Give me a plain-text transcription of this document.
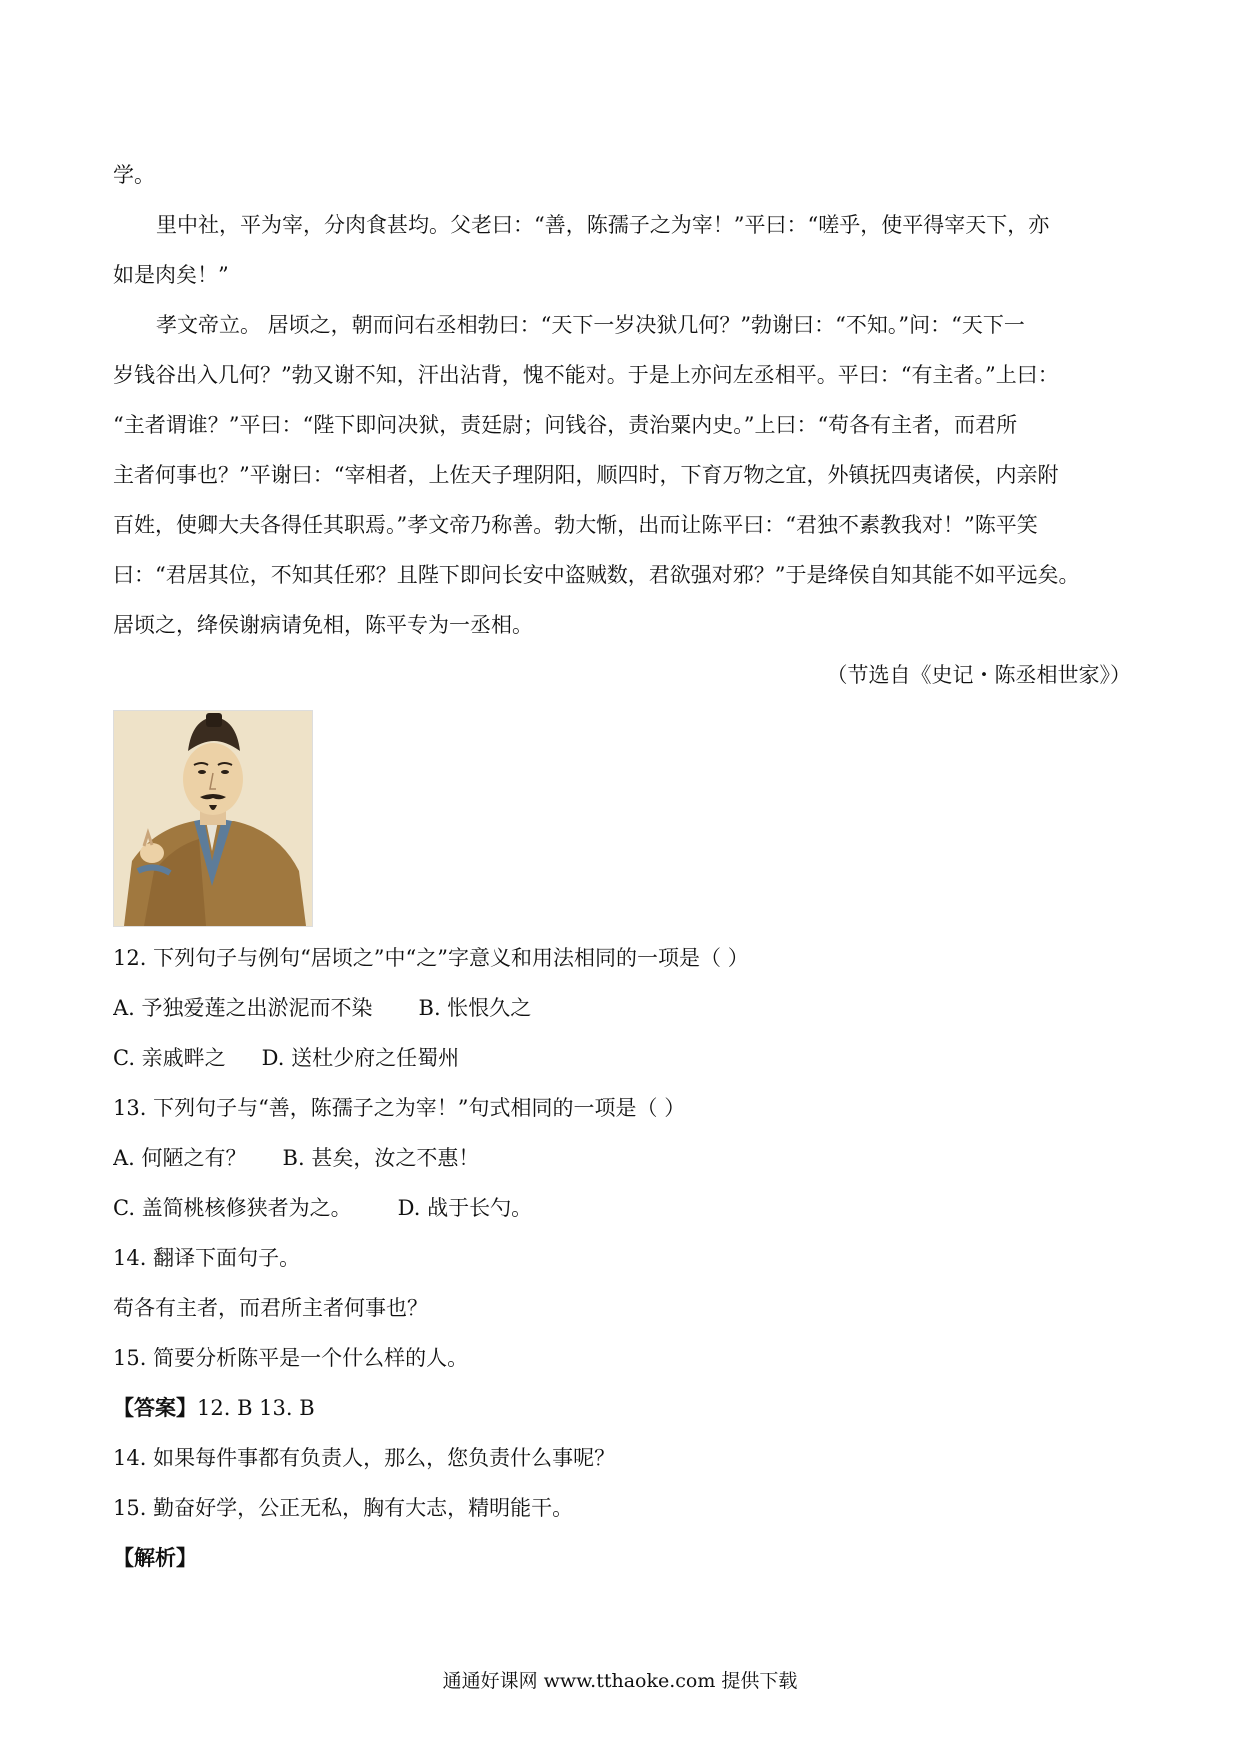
学。
里中社，平为宰，分肉食甚均。父老曰：“善，陈孺子之为宰！”平曰：“嗟乎，使平得宰天下，亦
如是肉矣！”
孝文帝立。 居顷之，朝而问右丞相勃曰：“天下一岁决狱几何？”勃谢曰：“不知。”问：“天下一
岁钱谷出入几何？”勃又谢不知，汗出沾背，愧不能对。于是上亦问左丞相平。平曰：“有主者。”上曰：
“主者谓谁？”平曰：“陛下即问决狱，责廷尉；问钱谷，责治粟内史。”上曰：“苟各有主者，而君所
主者何事也？”平谢曰：“宰相者，上佐天子理阴阳，顺四时，下育万物之宜，外镇抚四夷诸侯，内亲附
百姓，使卿大夫各得任其职焉。”孝文帝乃称善。勃大惭，出而让陈平曰：“君独不素教我对！”陈平笑
曰：“君居其位，不知其任邪？且陛下即问长安中盗贼数，君欲强对邪？”于是绛侯自知其能不如平远矣。
居顷之，绛侯谢病请免相，陈平专为一丞相。
（节选自《史记・陈丞相世家》）
12. 下列句子与例句“居顷之”中“之”字意义和用法相同的一项是（ ）
A. 予独爱莲之出淤泥而不染 B. 怅恨久之
C. 亲戚畔之 D. 送杜少府之任蜀州
13. 下列句子与“善，陈孺子之为宰！”句式相同的一项是（ ）
A. 何陋之有？ B. 甚矣，汝之不惠！
C. 盖简桃核修狭者为之。 D. 战于长勺。
14. 翻译下面句子。
苟各有主者，而君所主者何事也？
15. 简要分析陈平是一个什么样的人。
【答案】12. B 13. B
14. 如果每件事都有负责人，那么，您负责什么事呢？
15. 勤奋好学，公正无私，胸有大志，精明能干。
【解析】
通通好课网 www.tthaoke.com 提供下载
